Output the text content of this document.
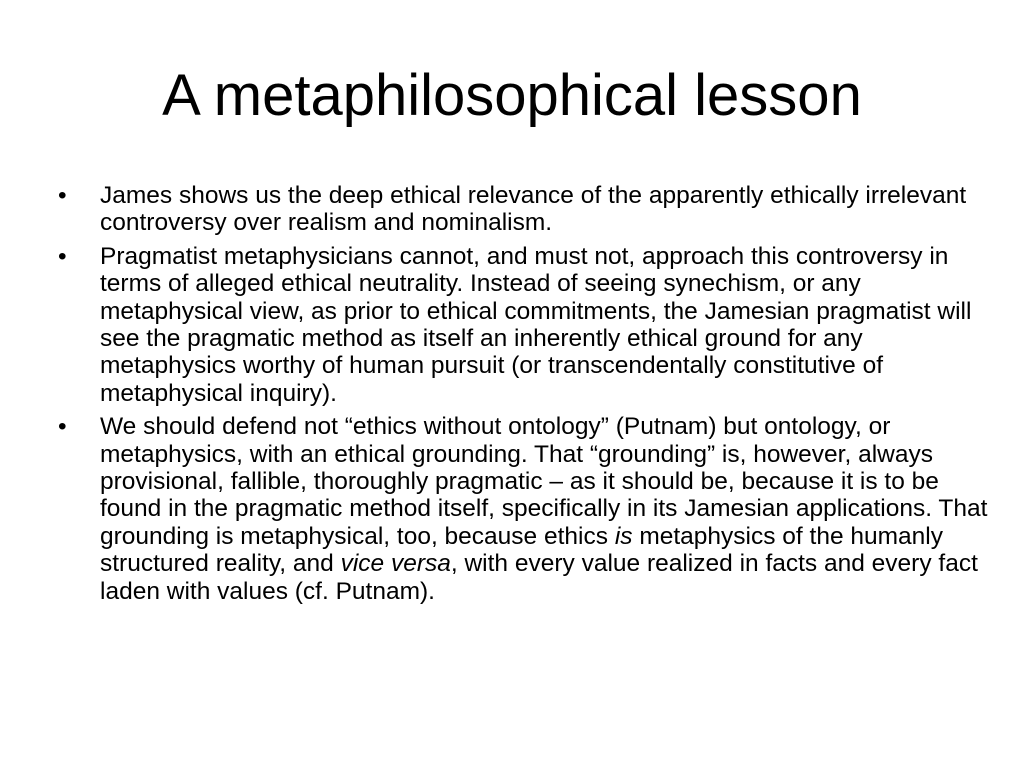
A metaphilosophical lesson
•	James shows us the deep ethical relevance of the apparently ethically irrelevant controversy over realism and nominalism.
•	Pragmatist metaphysicians cannot, and must not, approach this controversy in terms of alleged ethical neutrality. Instead of seeing synechism, or any metaphysical view, as prior to ethical commitments, the Jamesian pragmatist will see the pragmatic method as itself an inherently ethical ground for any metaphysics worthy of human pursuit (or transcendentally constitutive of metaphysical inquiry).
•	We should defend not “ethics without ontology” (Putnam) but ontology, or metaphysics, with an ethical grounding. That “grounding” is, however, always provisional, fallible, thoroughly pragmatic – as it should be, because it is to be found in the pragmatic method itself, specifically in its Jamesian applications. That grounding is metaphysical, too, because ethics is metaphysics of the humanly structured reality, and vice versa, with every value realized in facts and every fact laden with values (cf. Putnam).
